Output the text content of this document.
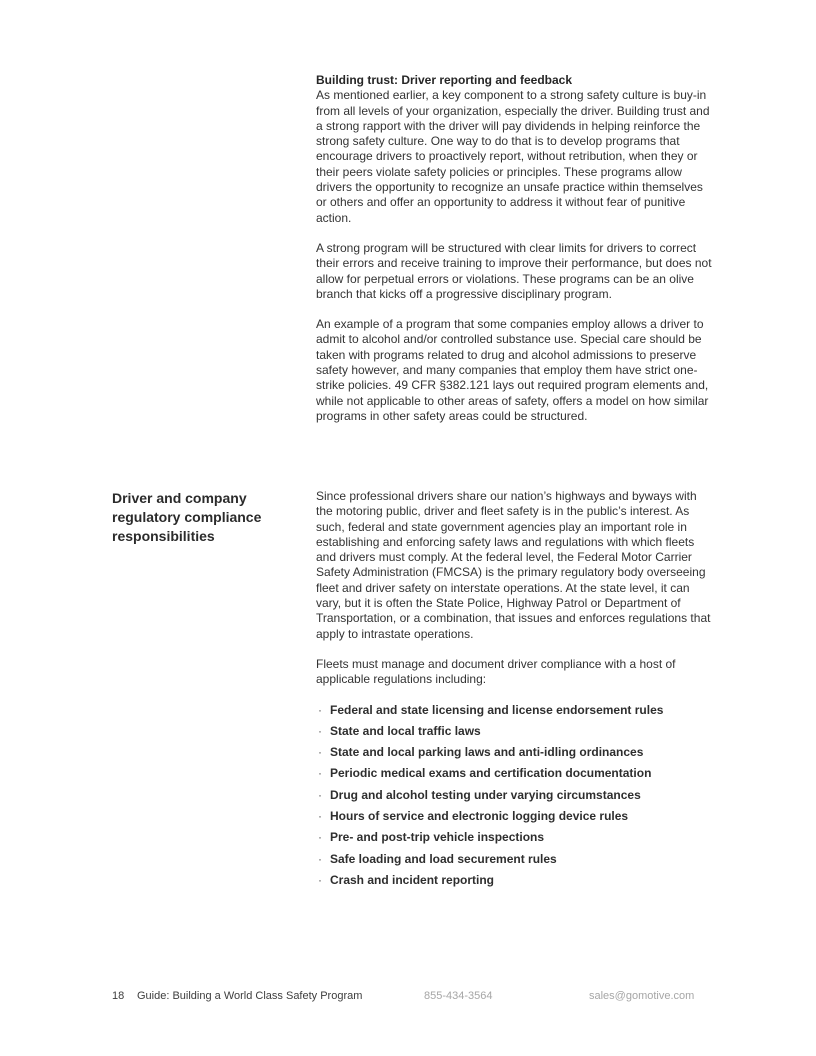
Building trust: Driver reporting and feedback

As mentioned earlier, a key component to a strong safety culture is buy-in from all levels of your organization, especially the driver. Building trust and a strong rapport with the driver will pay dividends in helping reinforce the strong safety culture. One way to do that is to develop programs that encourage drivers to proactively report, without retribution, when they or their peers violate safety policies or principles. These programs allow drivers the opportunity to recognize an unsafe practice within themselves or others and offer an opportunity to address it without fear of punitive action.

A strong program will be structured with clear limits for drivers to correct their errors and receive training to improve their performance, but does not allow for perpetual errors or violations. These programs can be an olive branch that kicks off a progressive disciplinary program.

An example of a program that some companies employ allows a driver to admit to alcohol and/or controlled substance use. Special care should be taken with programs related to drug and alcohol admissions to preserve safety however, and many companies that employ them have strict one-strike policies. 49 CFR §382.121 lays out required program elements and, while not applicable to other areas of safety, offers a model on how similar programs in other safety areas could be structured.

Driver and company regulatory compliance responsibilities

Since professional drivers share our nation’s highways and byways with the motoring public, driver and fleet safety is in the public’s interest. As such, federal and state government agencies play an important role in establishing and enforcing safety laws and regulations with which fleets and drivers must comply. At the federal level, the Federal Motor Carrier Safety Administration (FMCSA) is the primary regulatory body overseeing fleet and driver safety on interstate operations. At the state level, it can vary, but it is often the State Police, Highway Patrol or Department of Transportation, or a combination, that issues and enforces regulations that apply to intrastate operations.

Fleets must manage and document driver compliance with a host of applicable regulations including:

· Federal and state licensing and license endorsement rules
· State and local traffic laws
· State and local parking laws and anti-idling ordinances
· Periodic medical exams and certification documentation
· Drug and alcohol testing under varying circumstances
· Hours of service and electronic logging device rules
· Pre- and post-trip vehicle inspections
· Safe loading and load securement rules
· Crash and incident reporting
18 Guide: Building a World Class Safety Program	855-434-3564	sales@gomotive.com
